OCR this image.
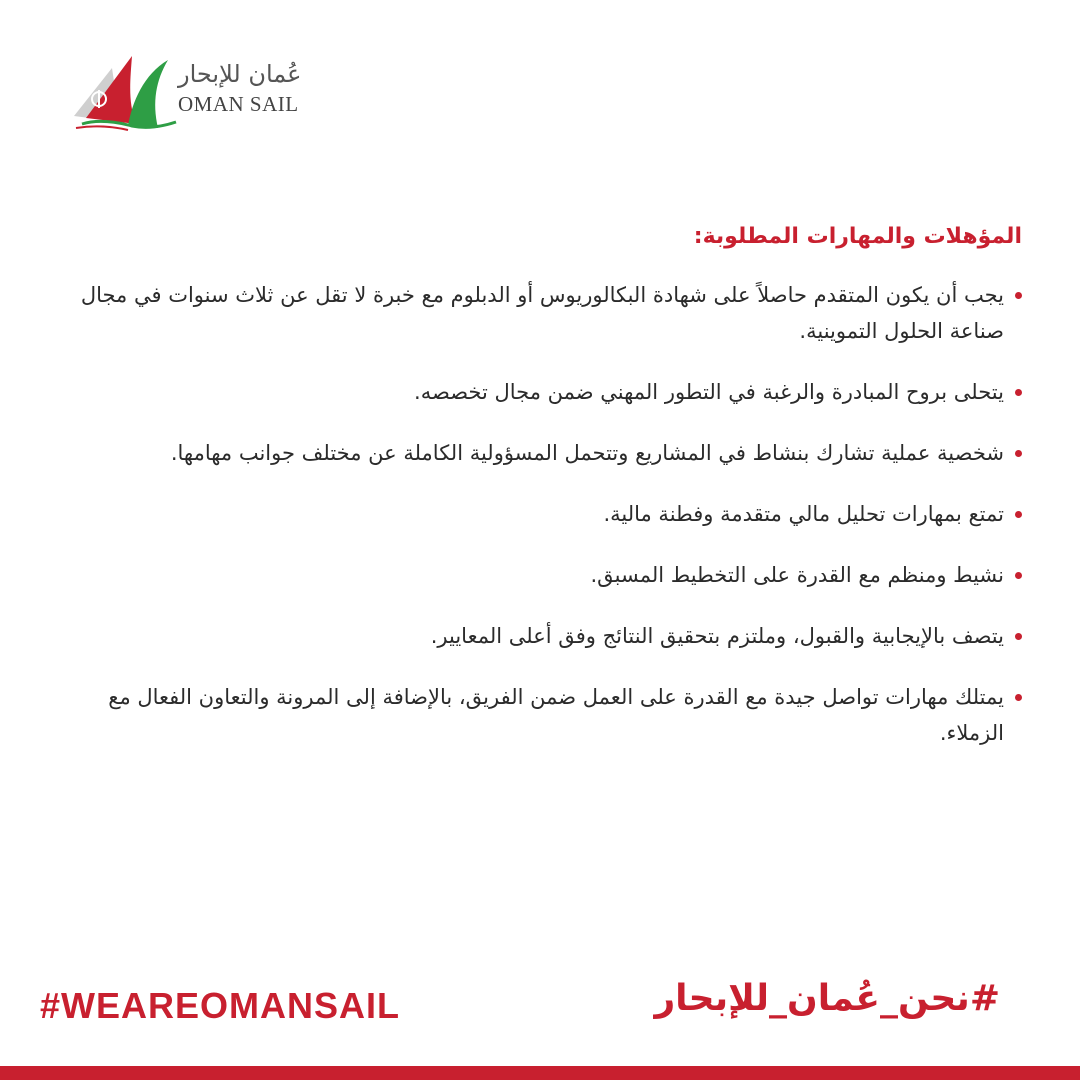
عُمان للإبحار
OMAN SAIL
المؤهلات والمهارات المطلوبة:
يجب أن يكون المتقدم حاصلاً على شهادة البكالوريوس أو الدبلوم مع خبرة لا تقل عن ثلاث سنوات في مجال صناعة الحلول التموينية.
يتحلى بروح المبادرة والرغبة في التطور المهني ضمن مجال تخصصه.
شخصية عملية تشارك بنشاط في المشاريع وتتحمل المسؤولية الكاملة عن مختلف جوانب مهامها.
تمتع بمهارات تحليل مالي متقدمة وفطنة مالية.
نشيط ومنظم مع القدرة على التخطيط المسبق.
يتصف بالإيجابية والقبول، وملتزم بتحقيق النتائج وفق أعلى المعايير.
يمتلك مهارات تواصل جيدة مع القدرة على العمل ضمن الفريق، بالإضافة إلى المرونة والتعاون الفعال مع الزملاء.
#WEAREOMANSAIL	#نحن_عُمان_للإبحار
